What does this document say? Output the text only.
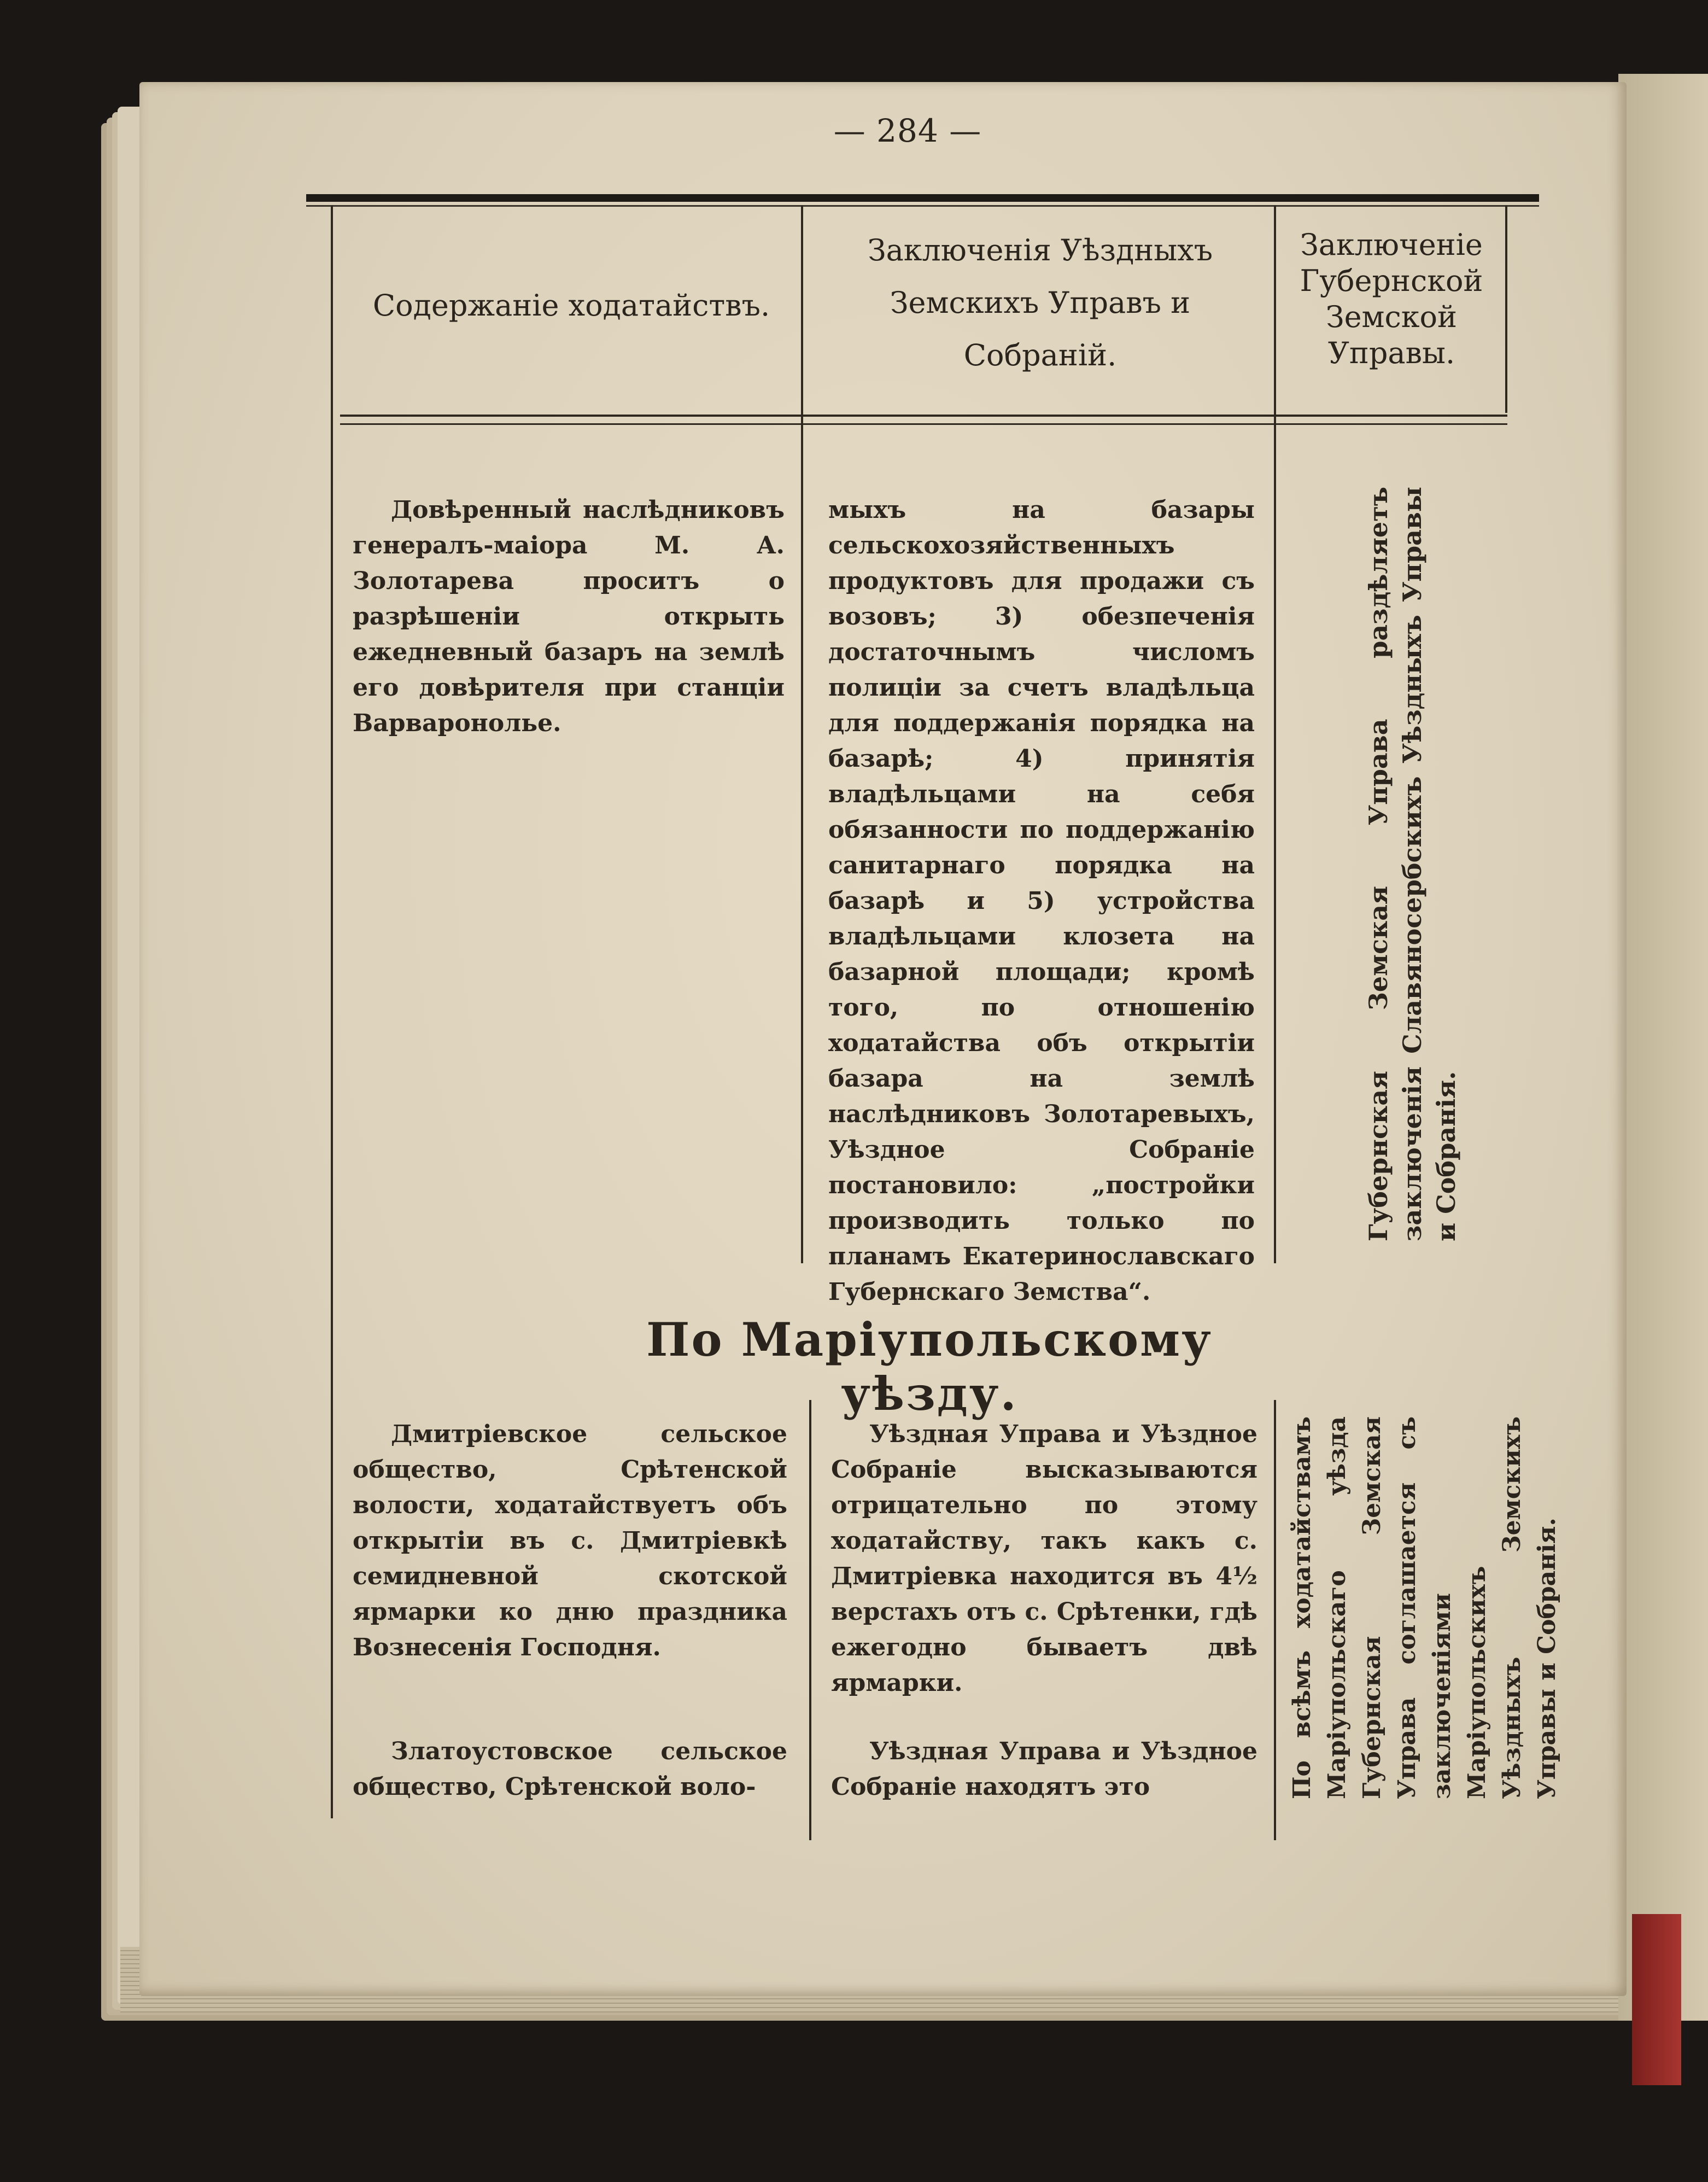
— 284 —
Содержаніе ходатайствъ.
Заключенія Уѣздныхъ
Земскихъ Управъ и
Собраній.
Заключеніе
Губернской
Земской
Управы.

Довѣренный наслѣдниковъ генералъ-маіора М. А. Золотарева проситъ о разрѣшеніи открыть ежедневный базаръ на землѣ его довѣрителя при станціи Варваронолье.

мыхъ на базары сельскохозяйственныхъ продуктовъ для продажи съ возовъ; 3) обезпеченія достаточнымъ числомъ полиціи за счетъ владѣльца для поддержанія порядка на базарѣ; 4) принятія владѣльцами на себя обязанности по поддержанію санитарнаго порядка на базарѣ и 5) устройства владѣльцами клозета на базарной площади; кромѣ того, по отношенію ходатайства объ открытіи базара на землѣ наслѣдниковъ Золотаревыхъ, Уѣздное Собраніе постановило: „постройки производить только по планамъ Екатеринославскаго Губернскаго Земства“.

Губернская Земская Управа раздѣляетъ заключенія Славяносербскихъ Уѣздныхъ Управы и Собранія.
По Маріупольскому уѣзду.

Дмитріевское сельское общество, Срѣтенской волости, ходатайствуетъ объ открытіи въ с. Дмитріевкѣ семидневной скотской ярмарки ко дню праздника Вознесенія Господня.

Уѣздная Управа и Уѣздное Собраніе высказываются отрицательно по этому ходатайству, такъ какъ с. Дмитріевка находится въ 4½ верстахъ отъ с. Срѣтенки, гдѣ ежегодно бываетъ двѣ ярмарки.

Златоустовское сельское общество, Срѣтенской воло-

Уѣздная Управа и Уѣздное Собраніе находятъ это	По всѣмъ ходатайствамъ Маріупольскаго уѣзда Губернская Земская Управа соглашается съ заключеніями Маріупольскихъ Уѣздныхъ Земскихъ Управы и Собранія.
